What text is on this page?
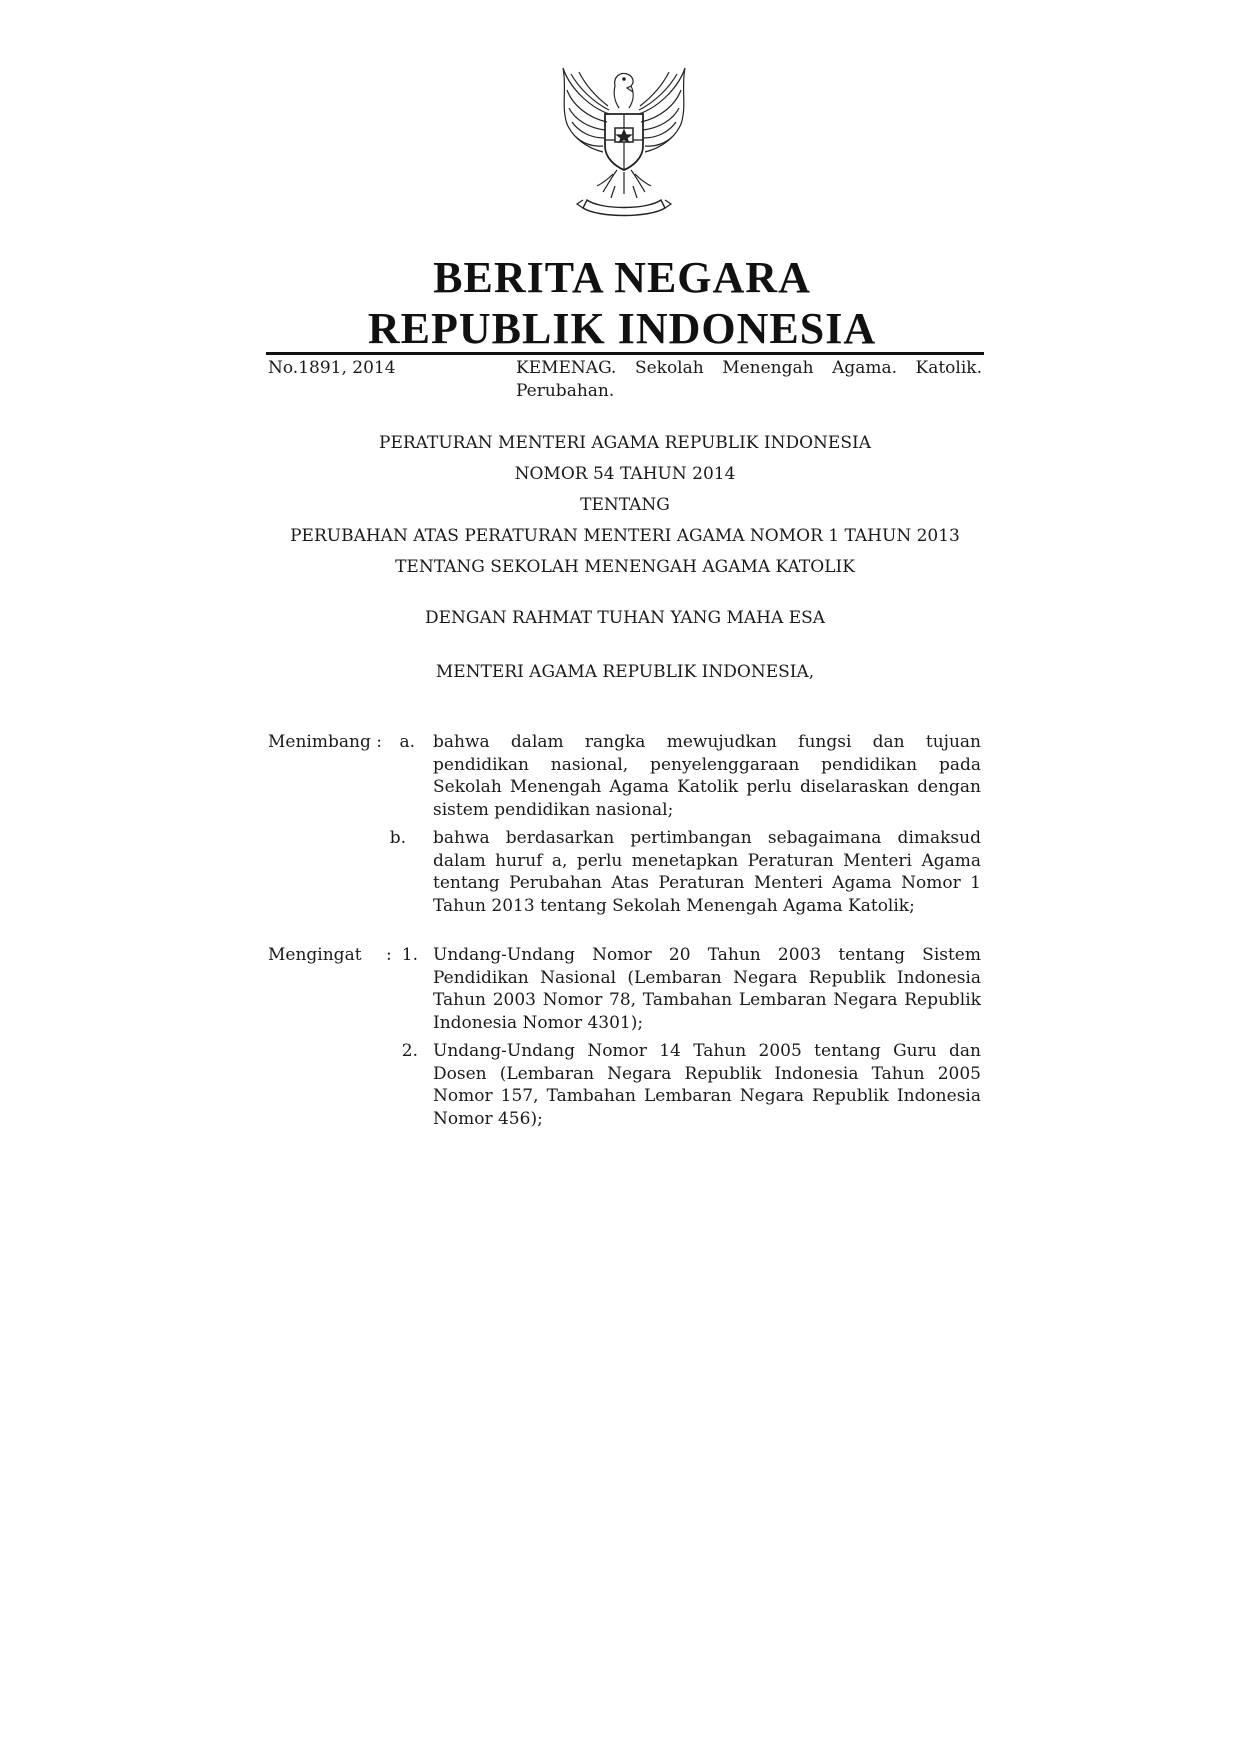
BERITA NEGARA
REPUBLIK INDONESIA
No.1891, 2014	KEMENAG. Sekolah Menengah Agama. Katolik.
Perubahan.

PERATURAN MENTERI AGAMA REPUBLIK INDONESIA

NOMOR 54 TAHUN 2014

TENTANG

PERUBAHAN ATAS PERATURAN MENTERI AGAMA NOMOR 1 TAHUN 2013

TENTANG SEKOLAH MENENGAH AGAMA KATOLIK

DENGAN RAHMAT TUHAN YANG MAHA ESA

MENTERI AGAMA REPUBLIK INDONESIA,

Menimbang :	a. bahwa dalam rangka mewujudkan fungsi dan tujuan pendidikan nasional, penyelenggaraan pendidikan pada Sekolah Menengah Agama Katolik perlu diselaraskan dengan sistem pendidikan nasional;

b. bahwa berdasarkan pertimbangan sebagaimana dimaksud dalam huruf a, perlu menetapkan Peraturan Menteri Agama tentang Perubahan Atas Peraturan Menteri Agama Nomor 1 Tahun 2013 tentang Sekolah Menengah Agama Katolik;

Mengingat : 1. Undang-Undang Nomor 20 Tahun 2003 tentang Sistem Pendidikan Nasional (Lembaran Negara Republik Indonesia Tahun 2003 Nomor 78, Tambahan Lembaran Negara Republik Indonesia Nomor 4301);

2. Undang-Undang Nomor 14 Tahun 2005 tentang Guru dan Dosen (Lembaran Negara Republik Indonesia Tahun 2005 Nomor 157, Tambahan Lembaran Negara Republik Indonesia Nomor 456);
